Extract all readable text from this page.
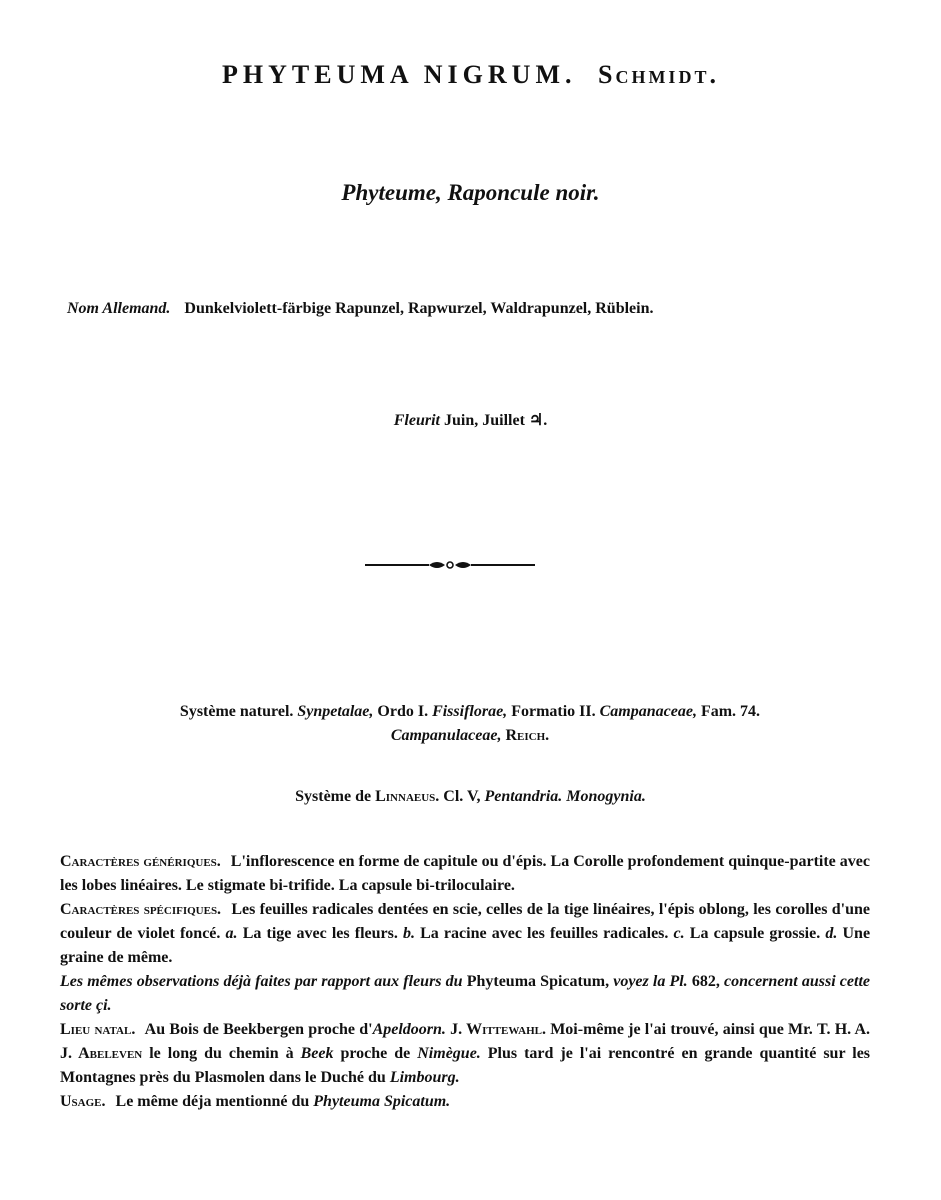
PHYTEUMA NIGRUM. Schmidt.
Phyteume, Raponcule noir.
Nom Allemand. Dunkelviolett-färbige Rapunzel, Rapwurzel, Waldrapunzel, Rüblein.
Fleurit Juin, Juillet ♃.
Système naturel. Synpetalae, Ordo I. Fissiflorae, Formatio II. Campanaceae, Fam. 74.
Campanulaceae, Reich.
Système de Linnaeus. Cl. V, Pentandria. Monogynia.

Caractères génériques. L'inflorescence en forme de capitule ou d'épis. La Corolle profondement quinque-partite avec les lobes linéaires. Le stigmate bi-trifide. La capsule bi-triloculaire.

Caractères spécifiques. Les feuilles radicales dentées en scie, celles de la tige linéaires, l'épis oblong, les corolles d'une couleur de violet foncé. a. La tige avec les fleurs. b. La racine avec les feuilles radicales. c. La capsule grossie. d. Une graine de même.

Les mêmes observations déjà faites par rapport aux fleurs du Phyteuma Spicatum, voyez la Pl. 682, concernent aussi cette sorte çi.

Lieu natal. Au Bois de Beekbergen proche d'Apeldoorn. J. Wittewahl. Moi-même je l'ai trouvé, ainsi que Mr. T. H. A. J. Abeleven le long du chemin à Beek proche de Nimègue. Plus tard je l'ai rencontré en grande quantité sur les Montagnes près du Plasmolen dans le Duché du Limbourg.

Usage. Le même déja mentionné du Phyteuma Spicatum.
